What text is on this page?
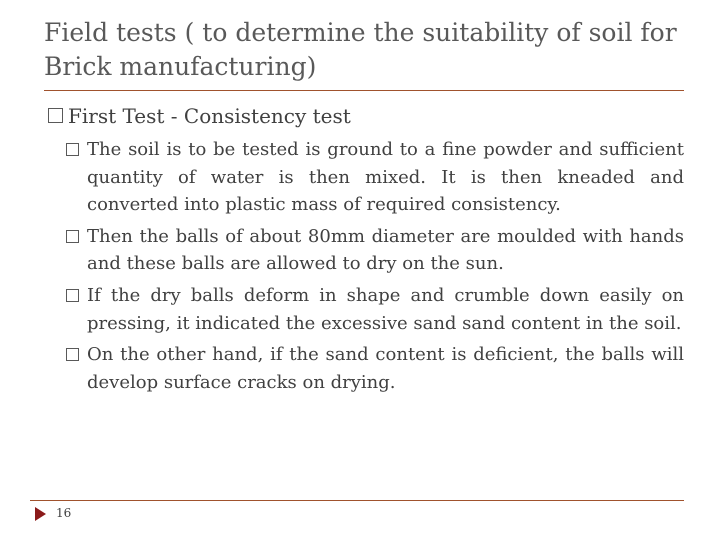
Field tests ( to determine the suitability of soil for Brick manufacturing)
First Test - Consistency test
The soil is to be tested is ground to a fine powder and sufficient quantity of water is then mixed. It is then kneaded and converted into plastic mass of required consistency.
Then the balls of about 80mm diameter are moulded with hands and these balls are allowed to dry on the sun.
If the dry balls deform in shape and crumble down easily on pressing, it indicated the excessive sand sand content in the soil.
On the other hand, if the sand content is deficient, the balls will develop surface cracks on drying.
16
